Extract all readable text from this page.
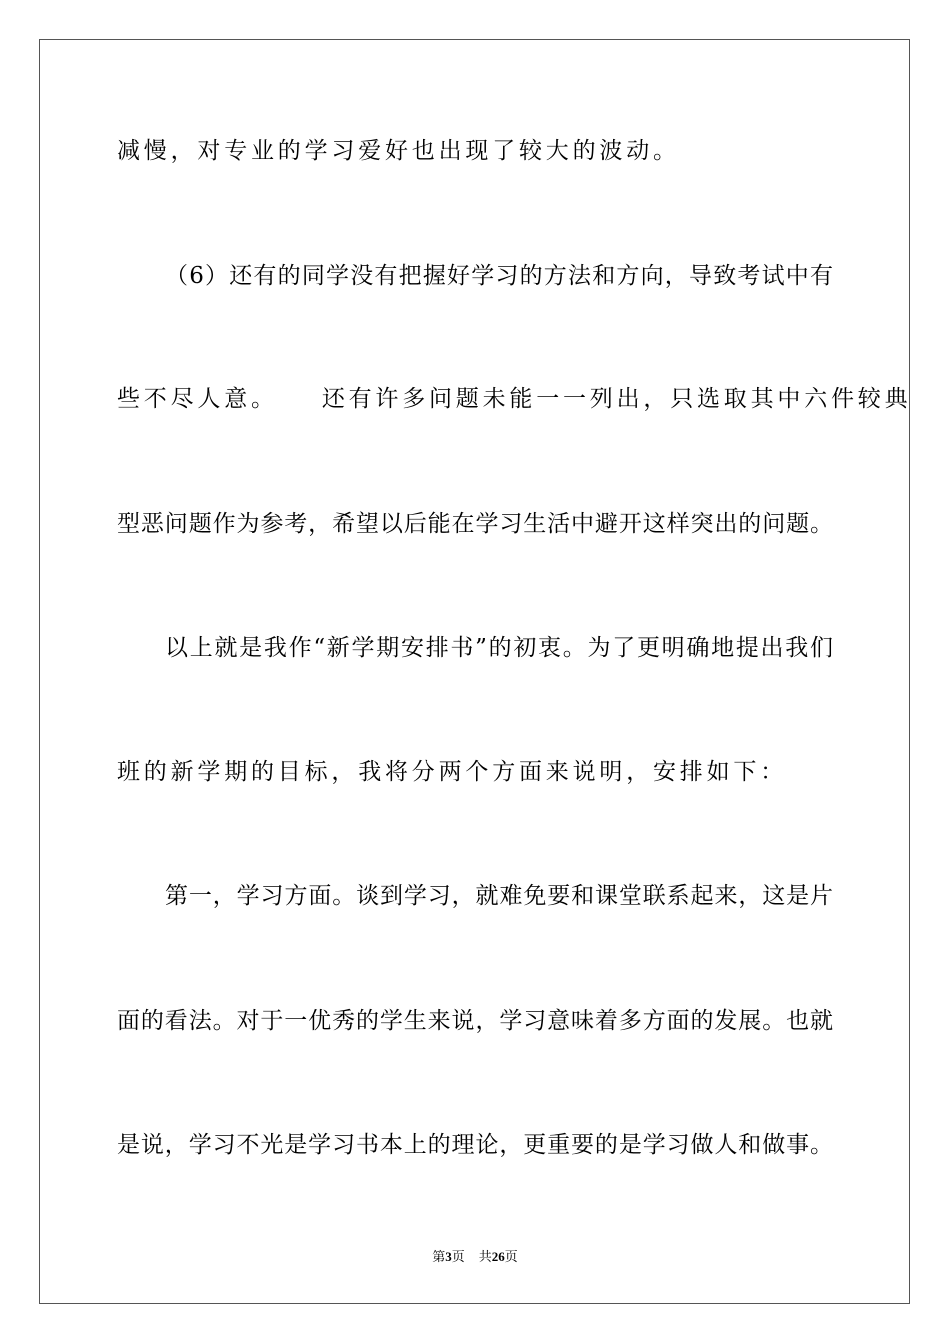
减慢，对专业的学习爱好也出现了较大的波动。
（6）还有的同学没有把握好学习的方法和方向，导致考试中有
些不尽人意。 还有许多问题未能一一列出，只选取其中六件较典
型恶问题作为参考，希望以后能在学习生活中避开这样突出的问题。
以上就是我作“新学期安排书”的初衷。为了更明确地提出我们
班的新学期的目标，我将分两个方面来说明，安排如下：
第一，学习方面。谈到学习，就难免要和课堂联系起来，这是片
面的看法。对于一优秀的学生来说，学习意味着多方面的发展。也就
是说，学习不光是学习书本上的理论，更重要的是学习做人和做事。
第3页 共26页
